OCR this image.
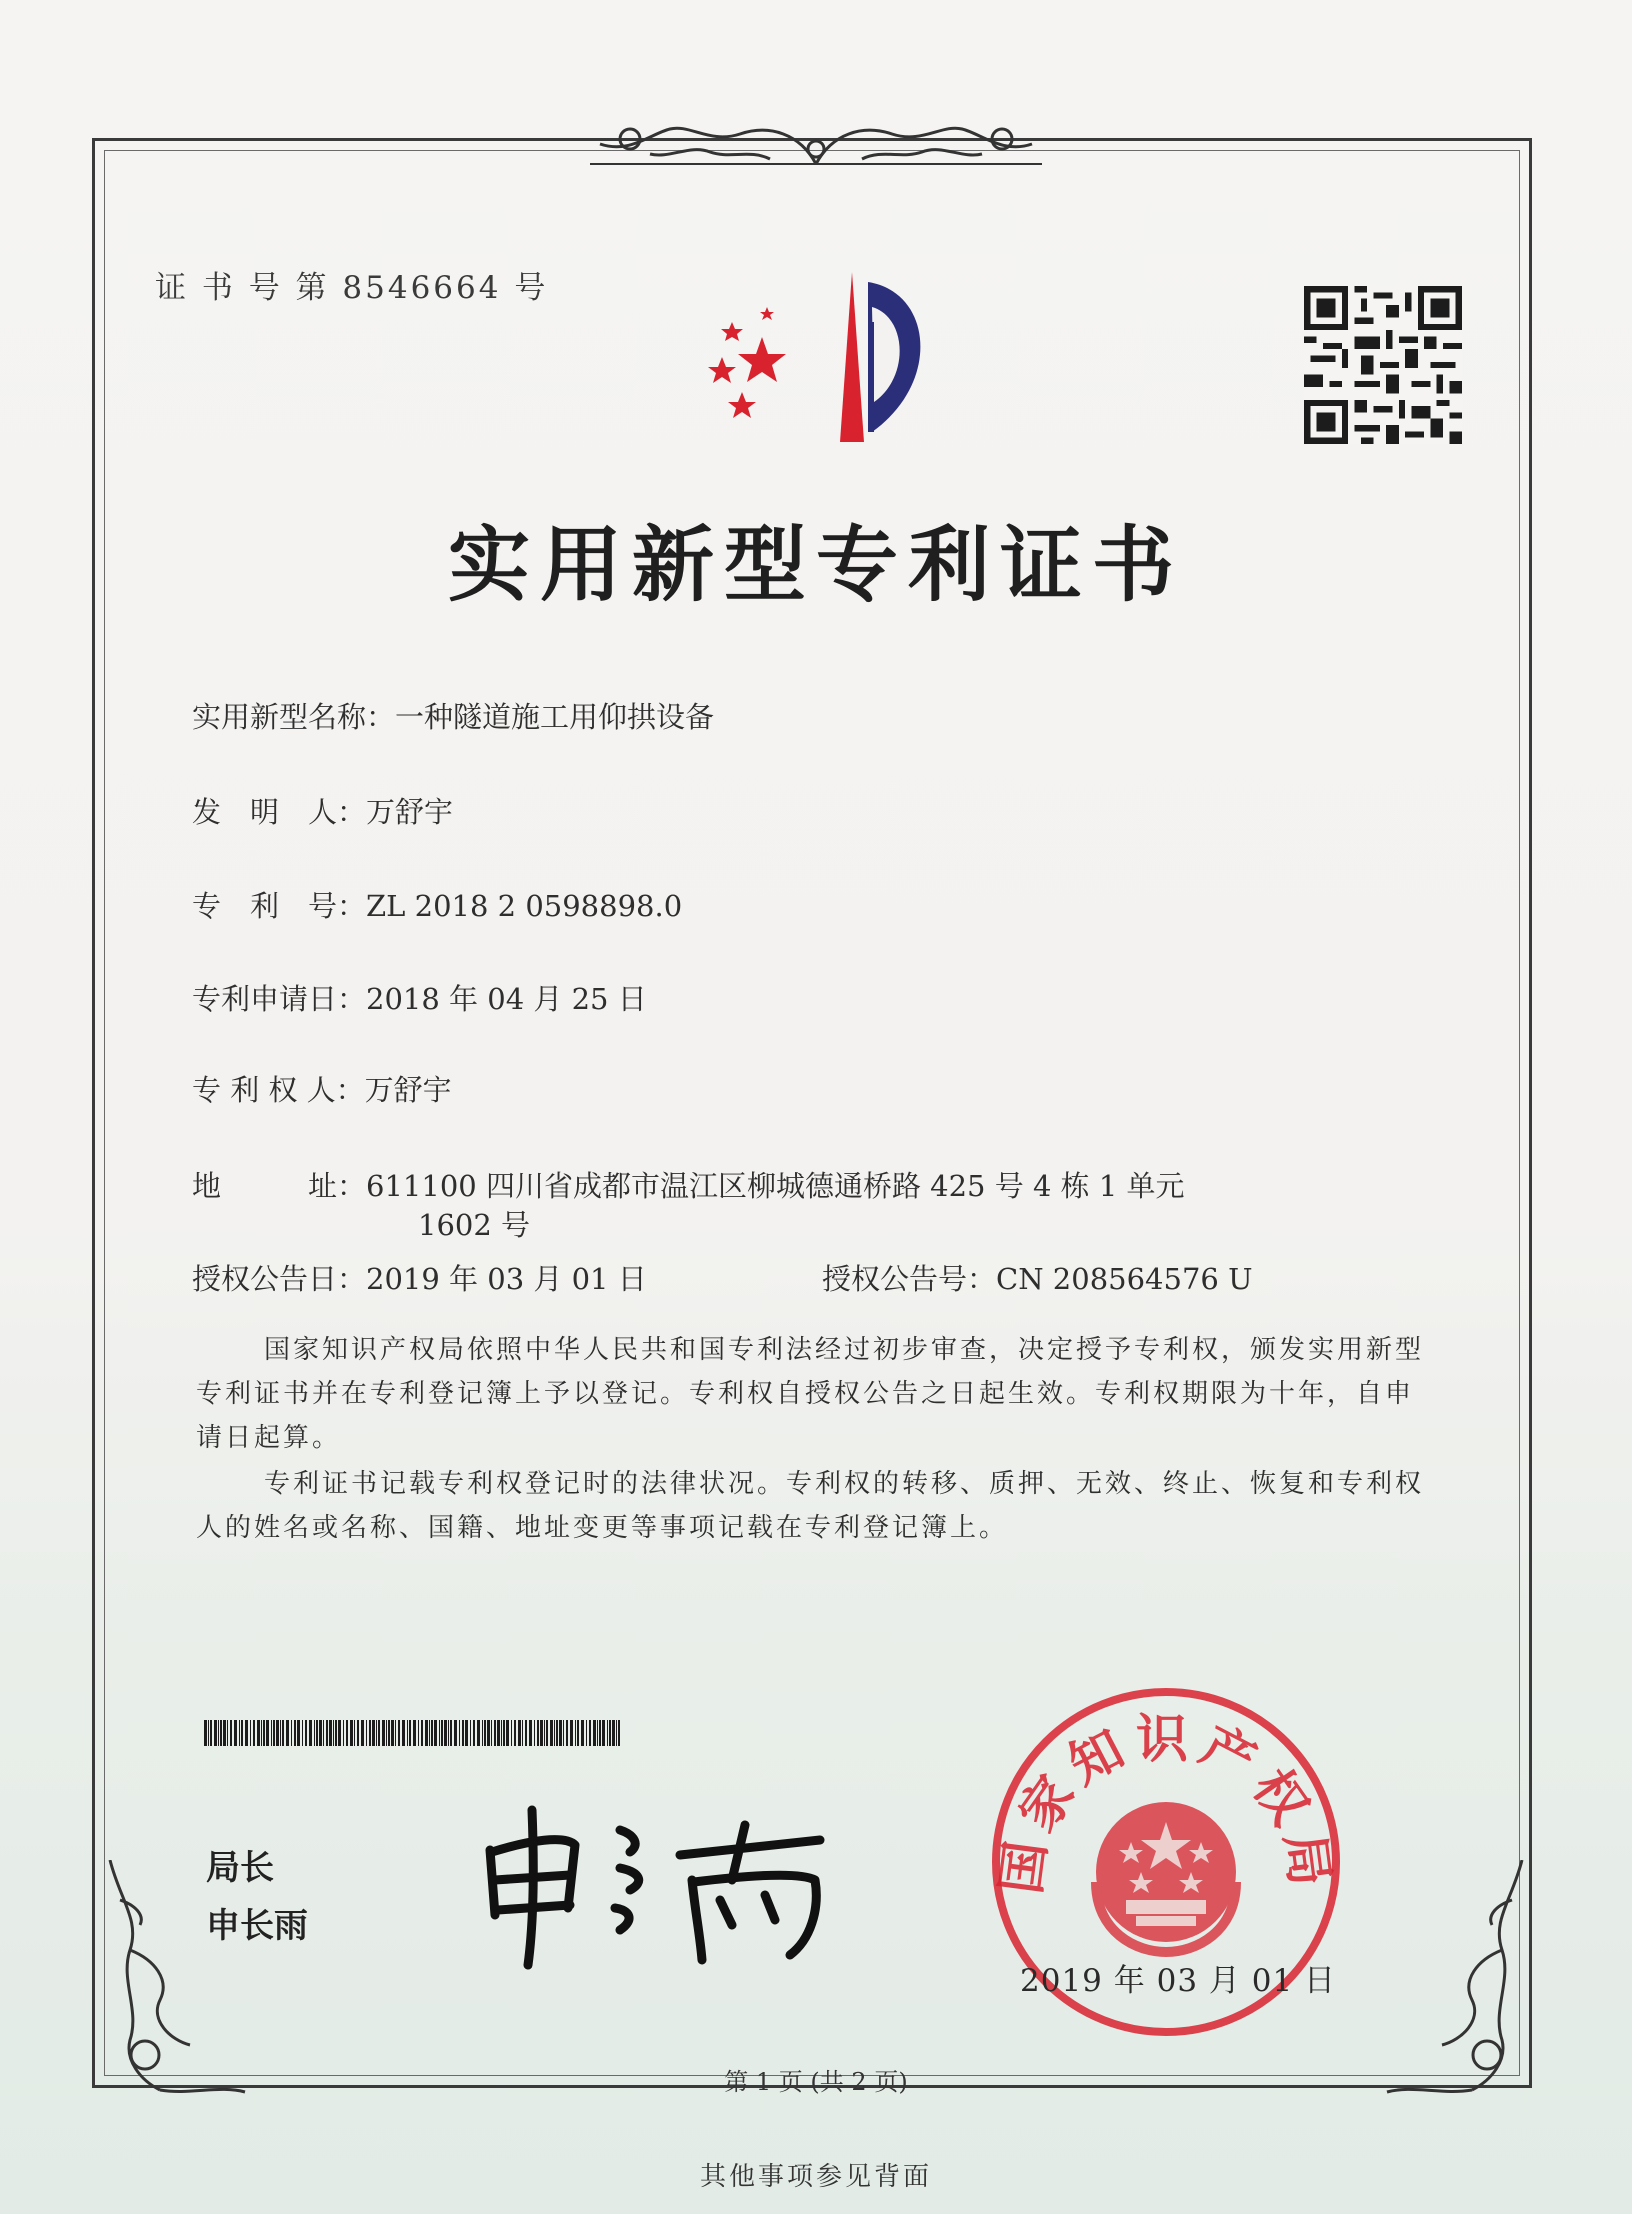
证 书 号 第 8546664 号
实用新型专利证书
实用新型名称：一种隧道施工用仰拱设备
发　明　人：万舒宇
专　利　号：ZL 2018 2 0598898.0
专利申请日：2018 年 04 月 25 日
专 利 权 人：万舒宇
地　　　址：611100 四川省成都市温江区柳城德通桥路 425 号 4 栋 1 单元
1602 号
授权公告日：2019 年 03 月 01 日	授权公告号：CN 208564576 U
国家知识产权局依照中华人民共和国专利法经过初步审查，决定授予专利权，颁发实用新型专利证书并在专利登记簿上予以登记。专利权自授权公告之日起生效。专利权期限为十年，自申请日起算。
专利证书记载专利权登记时的法律状况。专利权的转移、质押、无效、终止、恢复和专利权人的姓名或名称、国籍、地址变更等事项记载在专利登记簿上。
局长
申长雨
国家知识产权局
2019 年 03 月 01 日
第 1 页 (共 2 页)
其他事项参见背面
